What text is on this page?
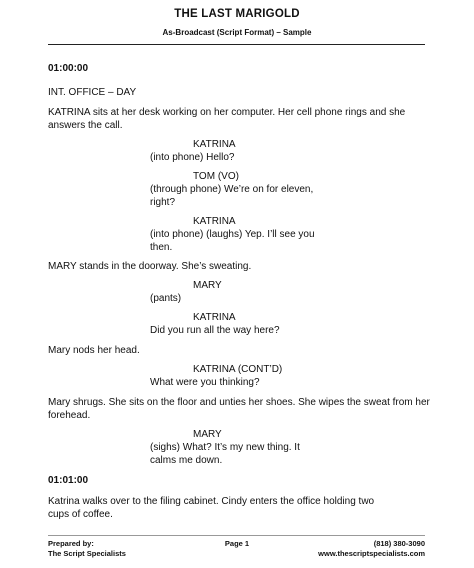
THE LAST MARIGOLD
As-Broadcast (Script Format) – Sample
01:00:00
INT. OFFICE – DAY
KATRINA sits at her desk working on her computer. Her cell phone rings and she
answers the call.
KATRINA
(into phone) Hello?
TOM (VO)
(through phone) We’re on for eleven,
right?
KATRINA
(into phone) (laughs) Yep. I’ll see you
then.
MARY stands in the doorway. She’s sweating.
MARY
(pants)
KATRINA
Did you run all the way here?
Mary nods her head.
KATRINA (CONT’D)
What were you thinking?
Mary shrugs. She sits on the floor and unties her shoes. She wipes the sweat from her
forehead.
MARY
(sighs) What? It’s my new thing. It
calms me down.
01:01:00
Katrina walks over to the filing cabinet. Cindy enters the office holding two
cups of coffee.
Prepared by:
The Script Specialists
Page 1	(818) 380-3090
www.thescriptspecialists.com
